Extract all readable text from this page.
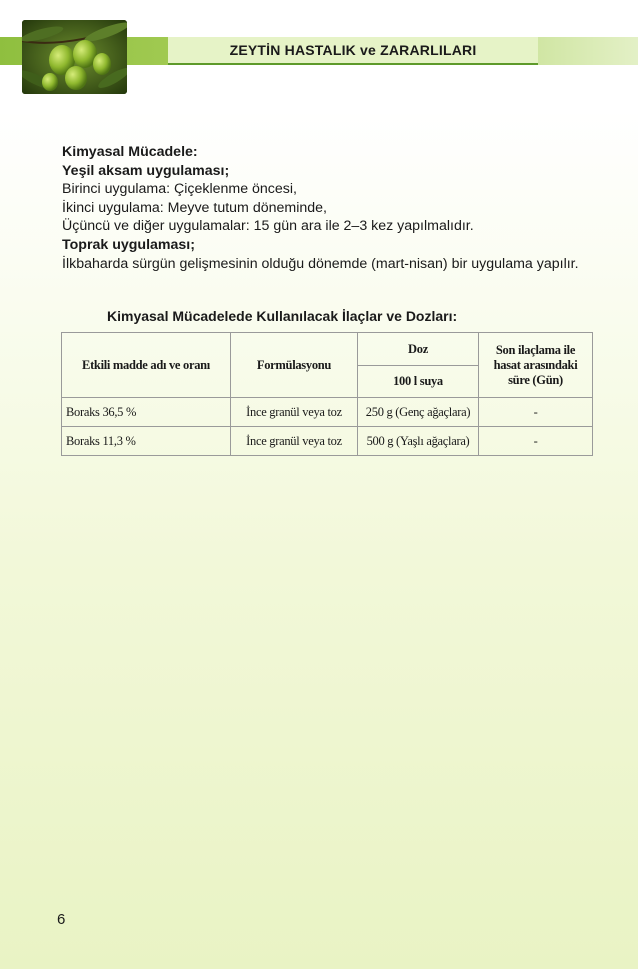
ZEYTİN HASTALIK ve ZARARLILARI
Kimyasal Mücadele:
Yeşil aksam uygulaması;
Birinci uygulama: Çiçeklenme öncesi,
İkinci uygulama: Meyve tutum döneminde,
Üçüncü ve diğer uygulamalar: 15 gün ara ile 2–3 kez yapılmalıdır.
Toprak uygulaması;
İlkbaharda sürgün gelişmesinin olduğu dönemde (mart-nisan) bir uygulama yapılır.
Kimyasal Mücadelede Kullanılacak İlaçlar ve Dozları:
Etkili madde adı ve oranı	Formülasyonu	Doz	Son ilaçlama ile hasat arasındaki süre (Gün)
		100 l suya	
Boraks 36,5 %	İnce granül veya toz	250 g (Genç ağaçlara)	-
Boraks 11,3 %	İnce granül veya toz	500 g (Yaşlı ağaçlara)	-
6
